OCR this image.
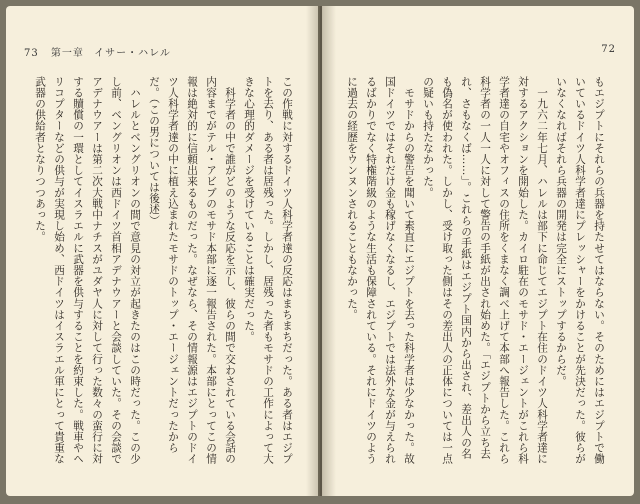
73 第一章 イサー・ハレル
この作戦に対するドイツ人科学者達の反応はまちまちだった。ある者はエジプトを去り、ある者は居残った。しかし、居残った者もモサドの工作によって大きな心理的ダメージを受けていることは確実だった。
　科学者の中で誰がどのような反応を示し、彼らの間で交わされている会話の内容までがテル・アビブのモサド本部に逐一報告された。本部にとってこの情報は絶対的に信頼出来るものだった。なぜなら、その情報源はエジプトのドイツ人科学者達の中に植え込まれたモサドのトップ・エージェントだったからだ。（この男については後述）
　ハレルとベングリオンの間で意見の対立が起きたのはこの時だった。この少し前、ベングリオンは西ドイツ首相アデナウアーと会談していた。その会談でアデナウアーは第二次大戦中ナチスがユダヤ人に対して行った数々の蛮行に対する贖償の一環としてイスラエルに武器を供与することを約束した。戦車やヘリコプターなどの供与が実現し始め、西ドイツはイスラエル軍にとって貴重な武器の供給者となりつつあった。

72
もエジプトにそれらの兵器を持たせてはならない。そのためにはエジプトで働いているドイツ人科学者達にプレッシャーをかけることが先決だった。彼らがいなくなればそれら兵器の開発は完全にストップするからだ。
　一九六二年七月、ハレルは部下に命じてエジプト在住のドイツ人科学者達に対するアクションを開始した。カイロ駐在のモサド・エージェントがこれら科学者達の自宅やオフィスの住所をくまなく調べ上げて本部へ報告した。これら科学者の一人一人に対して警告の手紙が出され始めた。「エジプトから立ち去れ、さもなくば……」。これらの手紙はエジプト国内から出され、差出人の名も偽名が使われた。しかし、受け取った側はその差出人の正体については一点の疑いも持たなかった。
　モサドからの警告を聞いて素直にエジプトを去った科学者は少なかった。故国ドイツではそれだけ金も稼げなくなるし、エジプトでは法外な金が与えられるばかりでなく特権階級のような生活も保障されている。それにドイツのように過去の経歴をウンヌンされることもなかった。
